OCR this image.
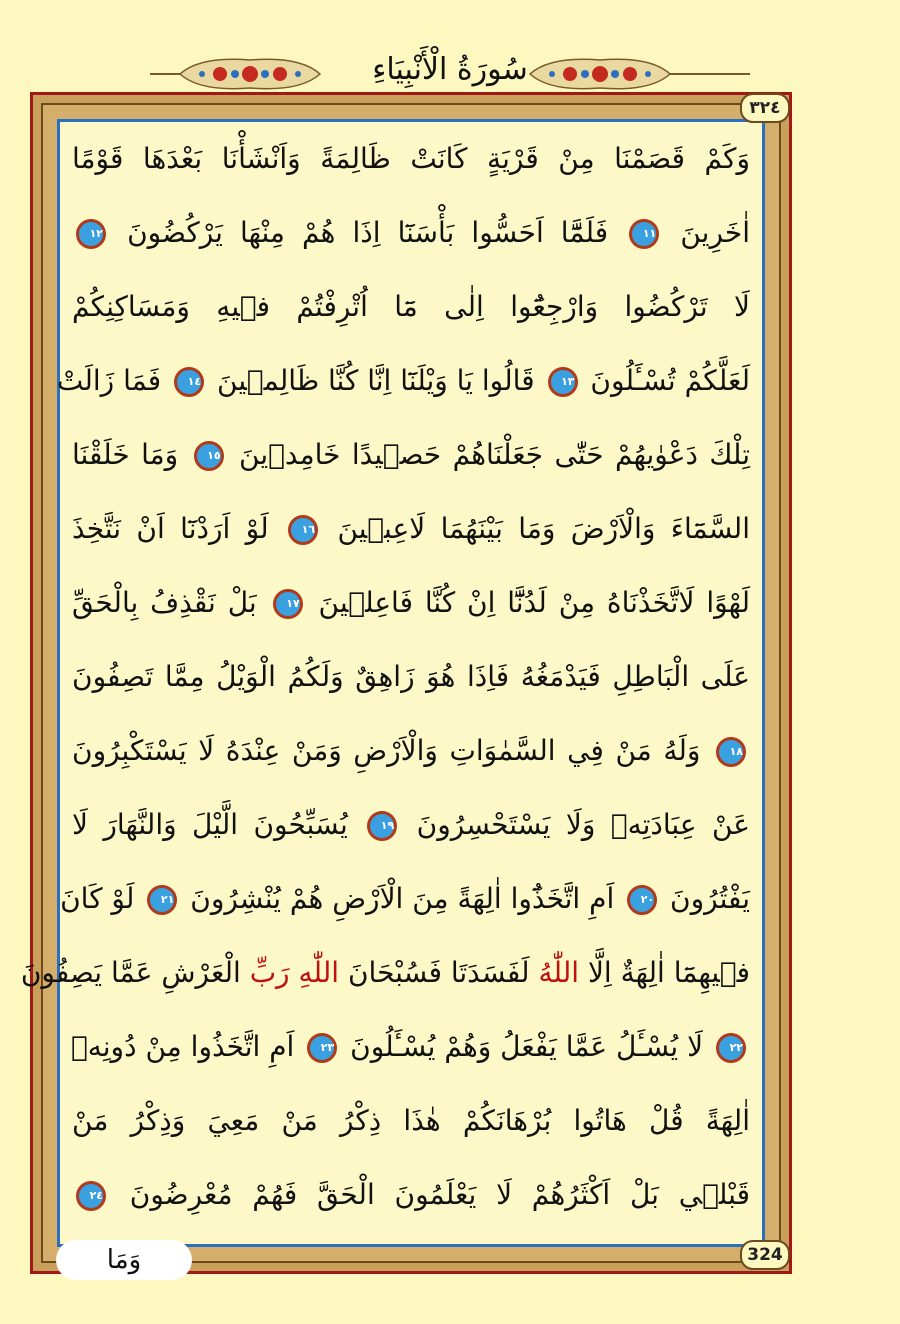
سُورَةُ الْأَنْبِيَاءِ
٣٢٤
وَكَمْ قَصَمْنَا مِنْ قَرْيَةٍ كَانَتْ ظَالِمَةً وَاَنْشَأْنَا بَعْدَهَا قَوْمًا
اٰخَرِينَ ١١ فَلَمَّٓا اَحَسُّوا بَأْسَنَٓا اِذَا هُمْ مِنْهَا يَرْكُضُونَ ١٢
لَا تَرْكُضُوا وَارْجِعُٓوا اِلٰى مَٓا اُتْرِفْتُمْ ف۪يهِ وَمَسَاكِنِكُمْ
لَعَلَّكُمْ تُسْـَٔلُونَ ١٣ قَالُوا يَا وَيْلَنَٓا اِنَّا كُنَّا ظَالِم۪ينَ ١٤ فَمَا زَالَتْ
تِلْكَ دَعْوٰيهُمْ حَتّٰى جَعَلْنَاهُمْ حَص۪يدًا خَامِد۪ينَ ١٥ وَمَا خَلَقْنَا
السَّمَٓاءَ وَالْاَرْضَ وَمَا بَيْنَهُمَا لَاعِب۪ينَ ١٦ لَوْ اَرَدْنَٓا اَنْ نَتَّخِذَ
لَهْوًا لَاتَّخَذْنَاهُ مِنْ لَدُنَّٓا اِنْ كُنَّا فَاعِل۪ينَ ١٧ بَلْ نَقْذِفُ بِالْحَقِّ
عَلَى الْبَاطِلِ فَيَدْمَغُهُ فَاِذَا هُوَ زَاهِقٌ وَلَكُمُ الْوَيْلُ مِمَّا تَصِفُونَ
١٨ وَلَهُ مَنْ فِي السَّمٰوَاتِ وَالْاَرْضِ وَمَنْ عِنْدَهُ لَا يَسْتَكْبِرُونَ
عَنْ عِبَادَتِه۪ وَلَا يَسْتَحْسِرُونَ ١٩ يُسَبِّحُونَ الَّيْلَ وَالنَّهَارَ لَا
يَفْتُرُونَ ٢٠ اَمِ اتَّخَذُٓوا اٰلِهَةً مِنَ الْاَرْضِ هُمْ يُنْشِرُونَ ٢١ لَوْ كَانَ
ف۪يهِمَٓا اٰلِهَةٌ اِلَّا اللّٰهُ لَفَسَدَتَا فَسُبْحَانَ اللّٰهِ رَبِّ الْعَرْشِ عَمَّا يَصِفُونَ
٢٢ لَا يُسْـَٔلُ عَمَّا يَفْعَلُ وَهُمْ يُسْـَٔلُونَ ٢٣ اَمِ اتَّخَذُوا مِنْ دُونِه۪
اٰلِهَةً قُلْ هَاتُوا بُرْهَانَكُمْ هٰذَا ذِكْرُ مَنْ مَعِيَ وَذِكْرُ مَنْ
قَبْل۪ي بَلْ اَكْثَرُهُمْ لَا يَعْلَمُونَ الْحَقَّ فَهُمْ مُعْرِضُونَ ٢٤
324
وَمَا
